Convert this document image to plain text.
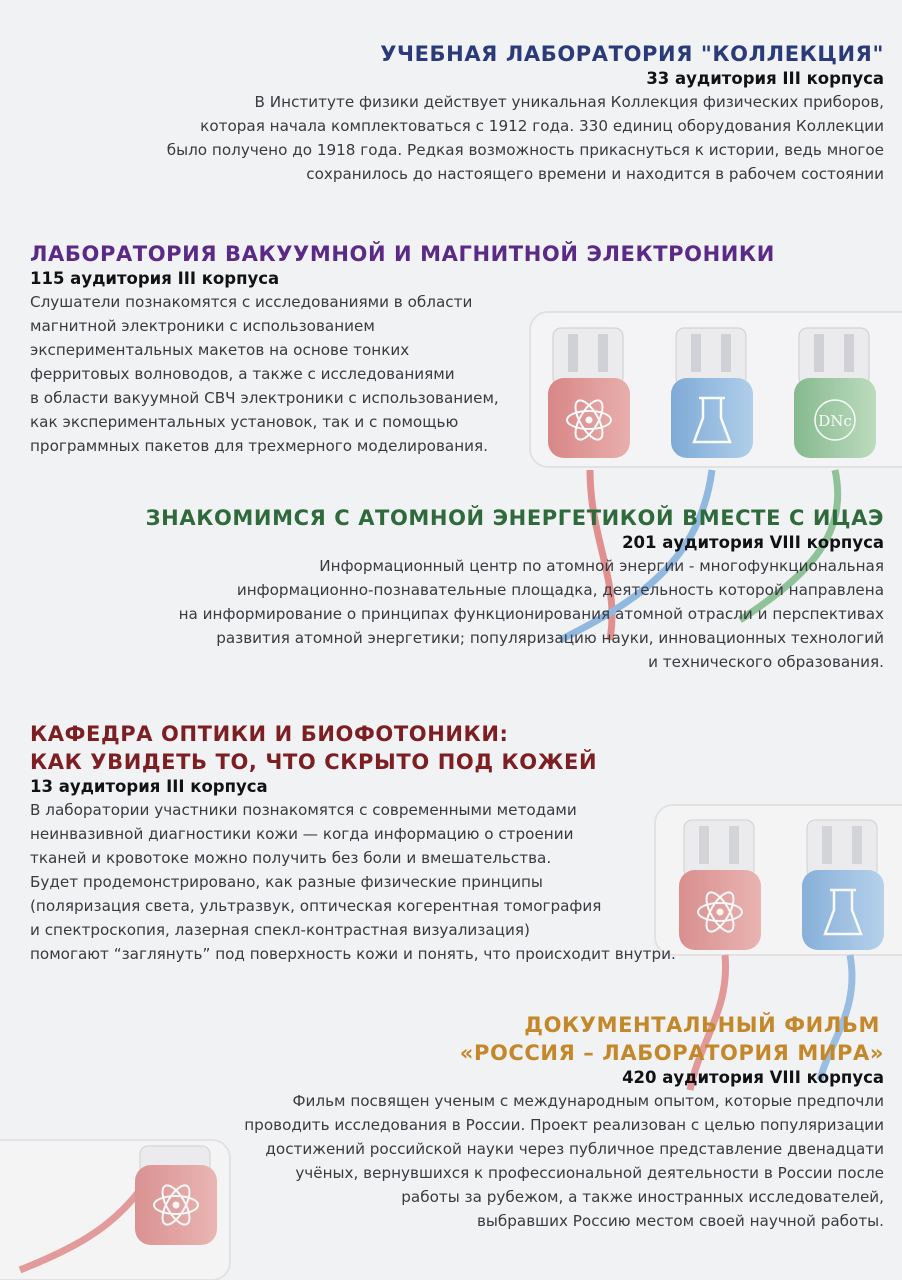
DNc
УЧЕБНАЯ ЛАБОРАТОРИЯ "КОЛЛЕКЦИЯ"
33 аудитория III корпуса
В Институте физики действует уникальная Коллекция физических приборов,
которая начала комплектоваться с 1912 года. 330 единиц оборудования Коллекции
было получено до 1918 года. Редкая возможность прикаснуться к истории, ведь многое
сохранилось до настоящего времени и находится в рабочем состоянии
ЛАБОРАТОРИЯ ВАКУУМНОЙ И МАГНИТНОЙ ЭЛЕКТРОНИКИ
115 аудитория III корпуса
Слушатели познакомятся с исследованиями в области
магнитной электроники с использованием
экспериментальных макетов на основе тонких
ферритовых волноводов, а также с исследованиями
в области вакуумной СВЧ электроники с использованием,
как экспериментальных установок, так и с помощью
программных пакетов для трехмерного моделирования.
ЗНАКОМИМСЯ С АТОМНОЙ ЭНЕРГЕТИКОЙ ВМЕСТЕ С ИЦАЭ
201 аудитория VIII корпуса
Информационный центр по атомной энергии - многофункциональная
информационно-познавательные площадка, деятельность которой направлена
на информирование о принципах функционирования атомной отрасли и перспективах
развития атомной энергетики; популяризацию науки, инновационных технологий
и технического образования.
КАФЕДРА ОПТИКИ И БИОФОТОНИКИ:
КАК УВИДЕТЬ ТО, ЧТО СКРЫТО ПОД КОЖЕЙ
13 аудитория III корпуса
В лаборатории участники познакомятся с современными методами
неинвазивной диагностики кожи — когда информацию о строении
тканей и кровотоке можно получить без боли и вмешательства.
Будет продемонстрировано, как разные физические принципы
(поляризация света, ультразвук, оптическая когерентная томография
и спектроскопия, лазерная спекл-контрастная визуализация)
помогают “заглянуть” под поверхность кожи и понять, что происходит внутри.
ДОКУМЕНТАЛЬНЫЙ ФИЛЬМ
«РОССИЯ – ЛАБОРАТОРИЯ МИРА»
420 аудитория VIII корпуса
Фильм посвящен ученым с международным опытом, которые предпочли
проводить исследования в России. Проект реализован с целью популяризации
достижений российской науки через публичное представление двенадцати
учёных, вернувшихся к профессиональной деятельности в России после
работы за рубежом, а также иностранных исследователей,
выбравших Россию местом своей научной работы.
